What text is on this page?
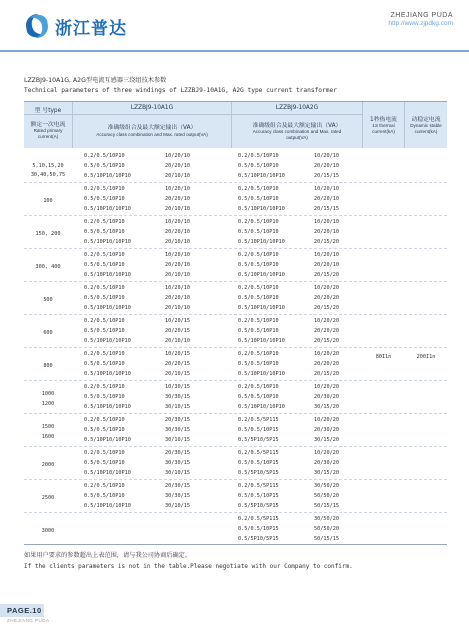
浙江普达
ZHEJIANG PUDA
http://www.zjpdkg.com
LZZBJ9-10A1G, A2G型电流互感器三绕组技术参数
Technical parameters of three windings of LZZBJ9-10A1G, A2G type current transformer
型 号type
额定一次电流
Rated primary
current(A)
LZZBJ9-10A1G
准确级组合及最大额定输出（VA）
Accuracy class combination and Max. rated output(VA)
LZZBJ9-10A2G
准确级组合及最大额定输出（VA）
Accuracy class combination and Max. rated
output(VA)
1秒热电流
1S thermal
current(kA)
动稳定电流
Dynamic stable
current(kA)
5,10,15,20
30,40,50,75
0.2/0.5/10P10
0.5/0.5/10P10
0.5/10P10/10P10
10/20/10
20/20/10
20/10/10
0.2/0.5/10P10
0.5/0.5/10P10
0.5/10P10/10P10
10/20/10
20/20/10
20/15/15
100
0.2/0.5/10P10
0.5/0.5/10P10
0.5/10P10/10P10
10/20/10
20/20/10
20/10/10
0.2/0.5/10P10
0.5/0.5/10P10
0.5/10P10/10P10
10/20/10
20/20/10
20/15/15
150, 200
0.2/0.5/10P10
0.5/0.5/10P10
0.5/10P10/10P10
10/20/10
20/20/10
20/10/10
0.2/0.5/10P10
0.5/0.5/10P10
0.5/10P10/10P10
10/20/10
20/20/10
20/15/20
300, 400
0.2/0.5/10P10
0.5/0.5/10P10
0.5/10P10/10P10
10/20/10
20/20/10
20/10/10
0.2/0.5/10P10
0.5/0.5/10P10
0.5/10P10/10P10
10/20/10
20/20/10
20/15/20
500
0.2/0.5/10P10
0.5/0.5/10P10
0.5/10P10/10P10
10/20/10
20/20/10
20/10/10
0.2/0.5/10P10
0.5/0.5/10P10
0.5/10P10/10P10
10/20/20
20/20/20
20/15/20
600
0.2/0.5/10P10
0.5/0.5/10P10
0.5/10P10/10P10
10/20/15
20/20/15
20/10/10
0.2/0.5/10P10
0.5/0.5/10P10
0.5/10P10/10P10
10/20/20
20/20/20
20/15/20
800
0.2/0.5/10P10
0.5/0.5/10P10
0.5/10P10/10P10
10/20/15
20/20/15
20/10/15
0.2/0.5/10P10
0.5/0.5/10P10
0.5/10P10/10P10
10/20/20
20/20/20
20/15/20
1000
1200
0.2/0.5/10P10
0.5/0.5/10P10
0.5/10P10/10P10
10/30/15
30/30/15
30/10/15
0.2/0.5/10P10
0.5/0.5/10P10
0.5/10P10/10P10
10/20/20
20/30/20
30/15/20
1500
1600
0.2/0.5/10P10
0.5/0.5/10P10
0.5/10P10/10P10
20/30/15
30/30/15
30/10/15
0.2/0.5/5P115
0.5/0.5/10P15
0.5/5P10/5P15
10/20/20
20/30/20
30/15/20
2000
0.2/0.5/10P10
0.5/0.5/10P10
0.5/10P10/10P10
20/30/15
30/30/15
30/10/15
0.2/0.5/5P115
0.5/0.5/10P15
0.5/5P10/5P15
10/20/20
20/30/20
30/15/20
2500
0.2/0.5/10P10
0.5/0.5/10P10
0.5/10P10/10P10
20/30/15
30/30/15
30/10/15
0.2/0.5/5P115
0.5/0.5/10P15
0.5/5P10/5P15
30/50/20
50/50/20
50/15/15
80I1n	200I1n
3000
0.2/0.5/5P115
0.5/0.5/10P15
0.5/5P10/5P15
30/50/20
50/50/20
50/15/15
如果用户要求的参数超出上表范围，请与我公司协商后确定。
If the clients parameters is not in the table.Please negotiate with our Company to confirm.
PAGE.10
ZHEJIANG PUDA
